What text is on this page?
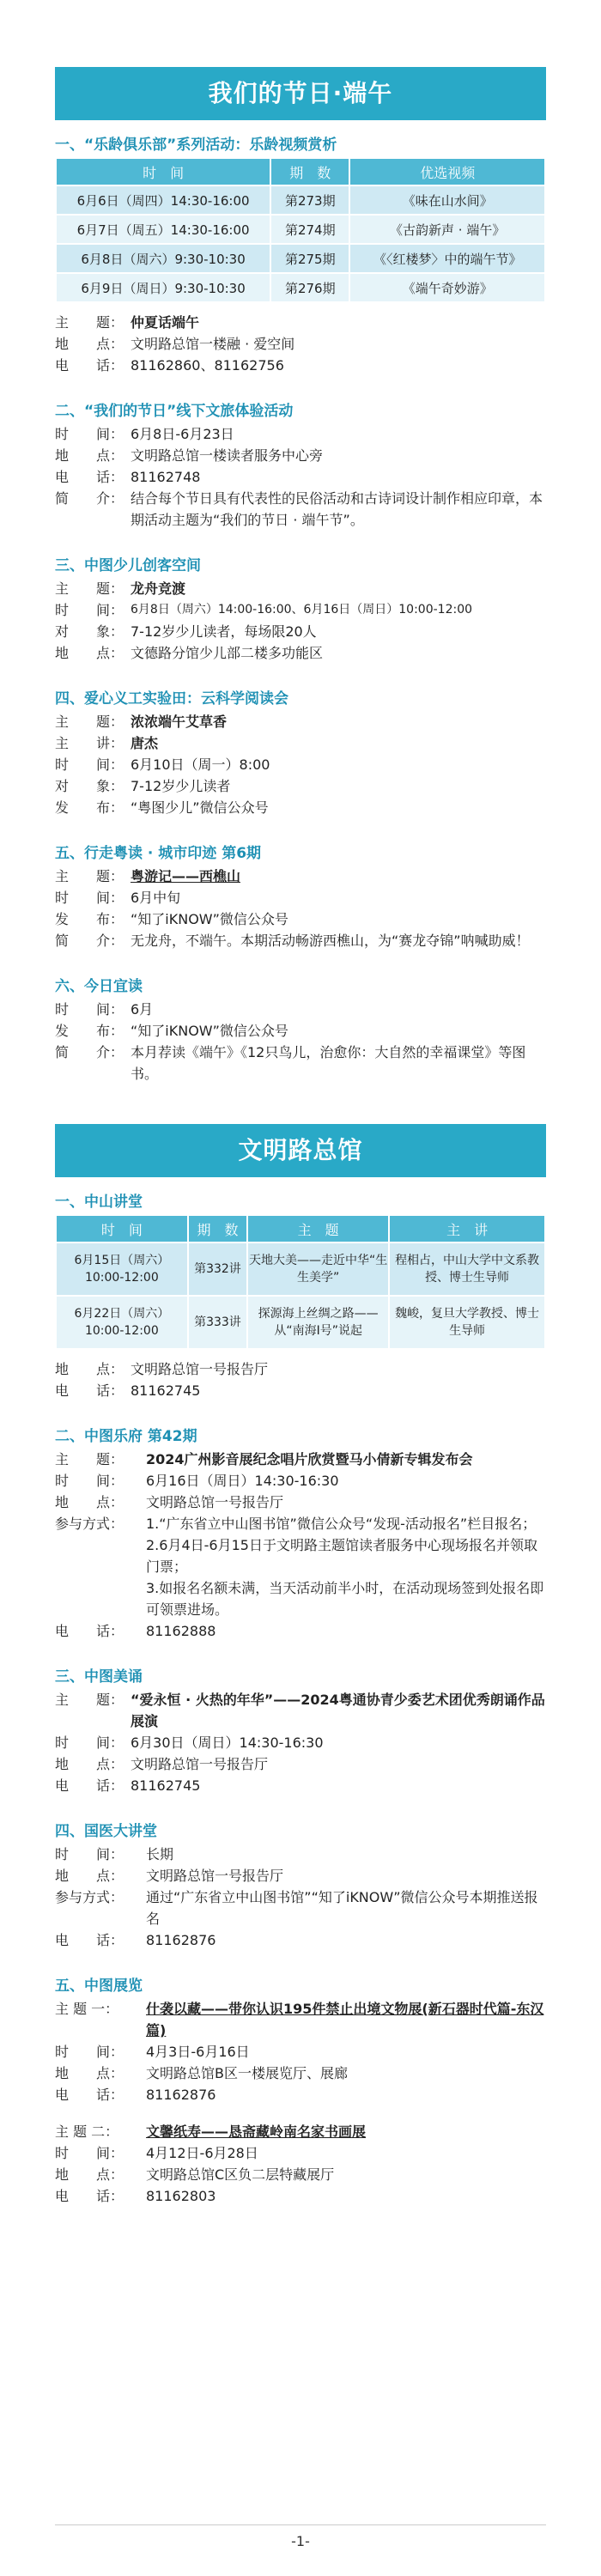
我们的节日·端午
一、“乐龄俱乐部”系列活动：乐龄视频赏析
时　间	期　数	优选视频
6月6日（周四）14:30-16:00	第273期	《味在山水间》
6月7日（周五）14:30-16:00	第274期	《古韵新声 · 端午》
6月8日（周六）9:30-10:30	第275期	《〈红楼梦〉中的端午节》
6月9日（周日）9:30-10:30	第276期	《端午奇妙游》
主　　题： 仲夏话端午
地　　点： 文明路总馆一楼融 · 爱空间
电　　话： 81162860、81162756
二、“我们的节日”线下文旅体验活动
时　　间： 6月8日-6月23日
地　　点： 文明路总馆一楼读者服务中心旁
电　　话： 81162748
简　　介： 结合每个节日具有代表性的民俗活动和古诗词设计制作相应印章，本期活动主题为“我们的节日 · 端午节”。
三、中图少儿创客空间
主　　题： 龙舟竞渡
时　　间： 6月8日（周六）14:00-16:00、6月16日（周日）10:00-12:00
对　　象： 7-12岁少儿读者，每场限20人
地　　点： 文德路分馆少儿部二楼多功能区
四、爱心义工实验田：云科学阅读会
主　　题： 浓浓端午艾草香
主　　讲： 唐杰
时　　间： 6月10日（周一）8:00
对　　象： 7-12岁少儿读者
发　　布： “粤图少儿”微信公众号
五、行走粤读 · 城市印迹 第6期
主　　题： 粤游记——西樵山
时　　间： 6月中旬
发　　布： “知了iKNOW”微信公众号
简　　介： 无龙舟，不端午。本期活动畅游西樵山，为“赛龙夺锦”呐喊助威！
六、今日宜读
时　　间： 6月
发　　布： “知了iKNOW”微信公众号
简　　介： 本月荐读《端午》《12只鸟儿，治愈你：大自然的幸福课堂》等图书。
文明路总馆
一、中山讲堂
时　间	期　数	主　题	主　讲
6月15日（周六）
10:00-12:00	第332讲	天地大美——走近中华“生生美学”	程相占，中山大学中文系教授、博士生导师
6月22日（周六）
10:00-12:00	第333讲	探源海上丝绸之路——从“南海Ⅰ号”说起	魏峻，复旦大学教授、博士生导师
地　　点： 文明路总馆一号报告厅
电　　话： 81162745
二、中图乐府 第42期
主　　题：	2024广州影音展纪念唱片欣赏暨马小倩新专辑发布会
时　　间：	6月16日（周日）14:30-16:30
地　　点：	文明路总馆一号报告厅
参与方式：	1.“广东省立中山图书馆”微信公众号“发现-活动报名”栏目报名；
2.6月4日-6月15日于文明路主题馆读者服务中心现场报名并领取门票；
3.如报名名额未满，当天活动前半小时，在活动现场签到处报名即可领票进场。
电　　话：	81162888
三、中图美诵
主　　题： “爱永恒 · 火热的年华”——2024粤通协青少委艺术团优秀朗诵作品展演
时　　间： 6月30日（周日）14:30-16:30
地　　点： 文明路总馆一号报告厅
电　　话： 81162745
四、国医大讲堂
时　　间：	长期
地　　点：	文明路总馆一号报告厅
参与方式：	通过“广东省立中山图书馆”“知了iKNOW”微信公众号本期推送报名
电　　话：	81162876
五、中图展览
主 题 一：	什袭以藏——带你认识195件禁止出境文物展(新石器时代篇-东汉篇)
时　　间：	4月3日-6月16日
地　　点：	文明路总馆B区一楼展览厅、展廊
电　　话：	81162876
主 题 二：	文馨纸寿——恳斋藏岭南名家书画展
时　　间：	4月12日-6月28日
地　　点：	文明路总馆C区负二层特藏展厅
电　　话：	81162803
-1-
